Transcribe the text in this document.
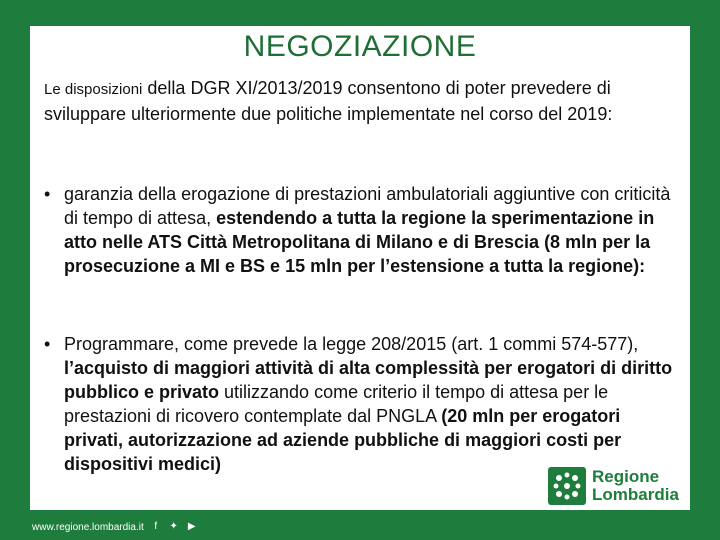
NEGOZIAZIONE
Le disposizioni della DGR XI/2013/2019 consentono di poter prevedere di sviluppare ulteriormente due politiche implementate nel corso del 2019:
• garanzia della erogazione di prestazioni ambulatoriali aggiuntive con criticità di tempo di attesa, estendendo a tutta la regione la sperimentazione in atto nelle ATS Città Metropolitana di Milano e di Brescia (8 mln per la prosecuzione a MI e BS e 15 mln per l’estensione a tutta la regione):
• Programmare, come prevede la legge 208/2015 (art. 1 commi 574-577), l’acquisto di maggiori attività di alta complessità per erogatori di diritto pubblico e privato utilizzando come criterio il tempo di attesa per le prestazioni di ricovero contemplate dal PNGLA (20 mln per erogatori privati, autorizzazione ad aziende pubbliche di maggiori costi per dispositivi medici)
Regione
Lombardia
www.regione.lombardia.it	f	✦ ▶
